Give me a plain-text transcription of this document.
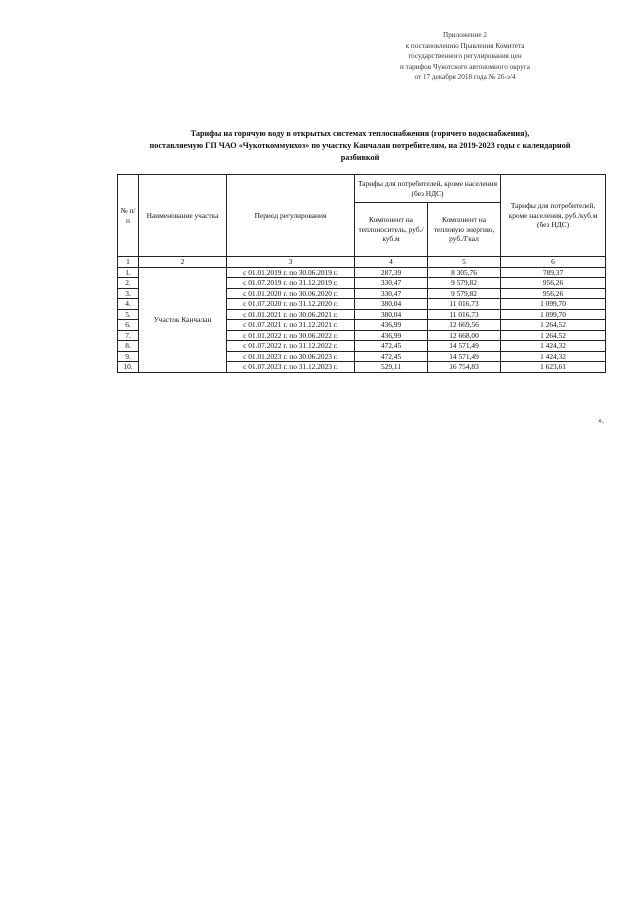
Приложение 2
к постановлению Правления Комитета
государственного регулирования цен
и тарифов Чукотского автономного округа
от 17 декабря 2018 года № 26-э/4
Тарифы на горячую воду в открытых системах теплоснабжения (горячего водоснабжения),
поставляемую ГП ЧАО «Чукоткоммунхоз» по участку Канчалан потребителям, на 2019-2023 годы с календарной
разбивкой
№ п/п	Наименование участка	Период регулирования	Тарифы для потребителей, кроме населения (без НДС)		Тарифы для потребителей, кроме населения, руб./куб.м (без НДС)
			Компонент на теплоноситель, руб./куб.м	Компонент на тепловую энергию, руб./Гкал	
1	2	3	4	5	6
1.	Участок Канчалан	с 01.01.2019 г. по 30.06.2019 г.	287,39	8 305,76	789,37
2.		с 01.07.2019 г. по 31.12.2019 г.	330,47	9 579,82	956,26
3.		с 01.01.2020 г. по 30.06.2020 г.	330,47	9 579,82	956,26
4.		с 01.07.2020 г. по 31.12.2020 г.	380,04	11 016,73	1 099,70
5.		с 01.01.2021 г. по 30.06.2021 г.	380,04	11 016,73	1 099,70
6.		с 01.07.2021 г. по 31.12.2021 г.	436,99	12 669,56	1 264,52
7.		с 01.01.2022 г. по 30.06.2022 г.	436,99	12 668,00	1 264,52
8.		с 01.07.2022 г. по 31.12.2022 г.	472,45	14 571,49	1 424,32
9.		с 01.01.2023 г. по 30.06.2023 г.	472,45	14 571,49	1 424,32
10.		с 01.07.2023 г. по 31.12.2023 г.	529,11	16 754,83	1 623,61
».
